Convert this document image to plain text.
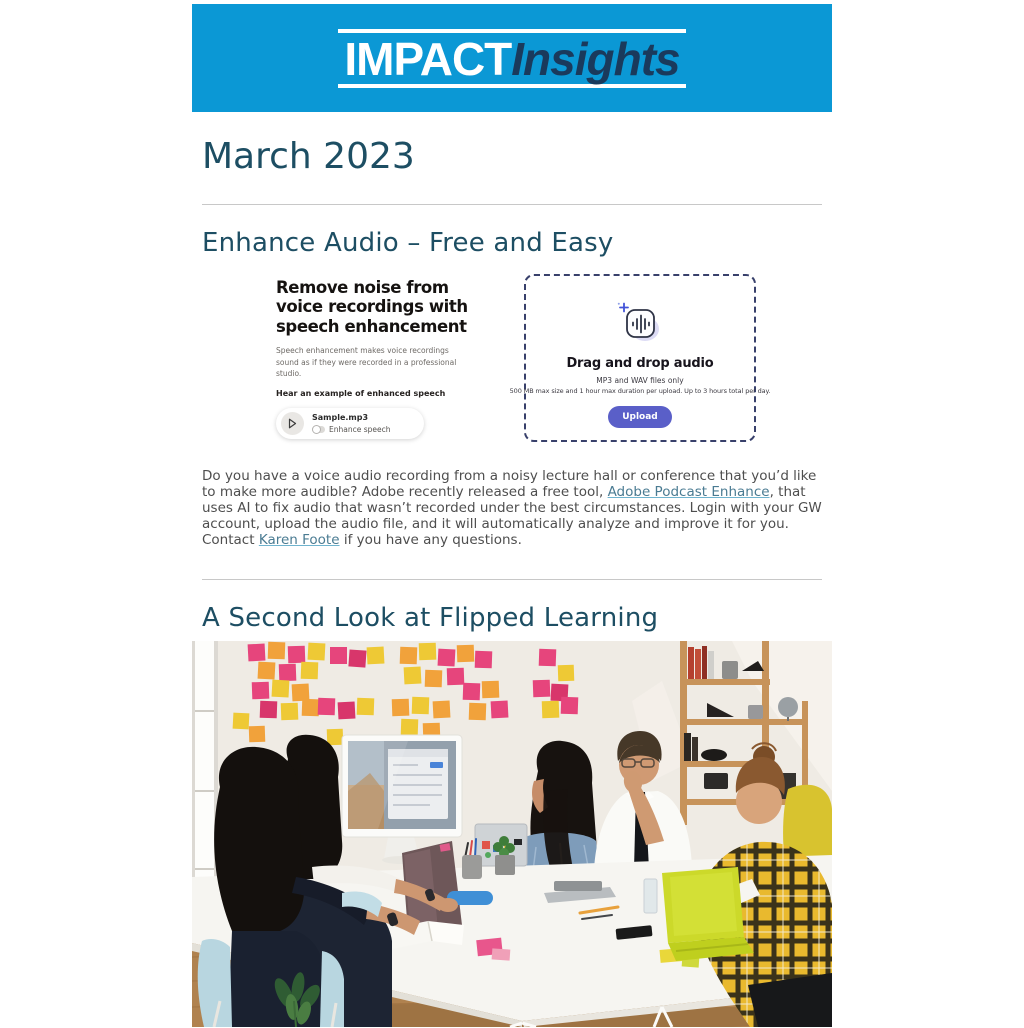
IMPACTInsights
March 2023
Enhance Audio – Free and Easy
Remove noise from voice recordings with speech enhancement
Speech enhancement makes voice recordings sound as if they were recorded in a professional studio.
Hear an example of enhanced speech
Sample.mp3
Enhance speech
Drag and drop audio
MP3 and WAV files only
500 MB max size and 1 hour max duration per upload. Up to 3 hours total per day.
Upload

Do you have a voice audio recording from a noisy lecture hall or conference that you’d like to make more audible? Adobe recently released a free tool, Adobe Podcast Enhance, that uses AI to fix audio that wasn’t recorded under the best circumstances. Login with your GW account, upload the audio file, and it will automatically analyze and improve it for you. Contact Karen Foote if you have any questions.

A Second Look at Flipped Learning
